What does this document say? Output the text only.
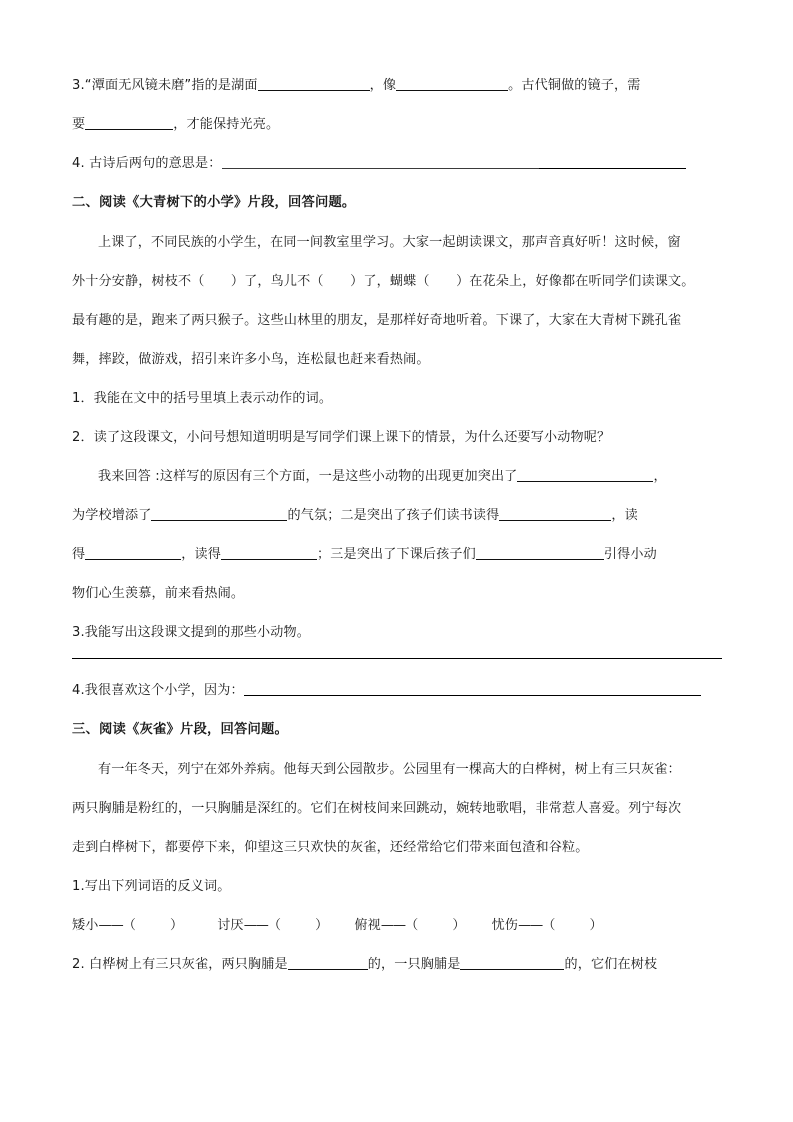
3.“潭面无风镜未磨”指的是湖面	，像	。古代铜做的镜子，需
要	，才能保持光亮。
4. 古诗后两句的意思是：
二、阅读《大青树下的小学》片段，回答问题。
上课了，不同民族的小学生，在同一间教室里学习。大家一起朗读课文，那声音真好听！这时候，窗
外十分安静，树枝不（　　）了，鸟儿不（　　）了，蝴蝶（　　）在花朵上，好像都在听同学们读课文。
最有趣的是，跑来了两只猴子。这些山林里的朋友，是那样好奇地听着。下课了，大家在大青树下跳孔雀
舞，摔跤，做游戏，招引来许多小鸟，连松鼠也赶来看热闹。
1．我能在文中的括号里填上表示动作的词。
2．读了这段课文，小问号想知道明明是写同学们课上课下的情景，为什么还要写小动物呢？
我来回答 :这样写的原因有三个方面，一是这些小动物的出现更加突出了	，
为学校增添了	的气氛；二是突出了孩子们读书读得	，读
得	，读得	；三是突出了下课后孩子们	引得小动
物们心生羡慕，前来看热闹。
3.我能写出这段课文提到的那些小动物。
4.我很喜欢这个小学，因为：
三、阅读《灰雀》片段，回答问题。
有一年冬天，列宁在郊外养病。他每天到公园散步。公园里有一棵高大的白桦树，树上有三只灰雀：
两只胸脯是粉红的，一只胸脯是深红的。它们在树枝间来回跳动，婉转地歌唱，非常惹人喜爱。列宁每次
走到白桦树下，都要停下来，仰望这三只欢快的灰雀，还经常给它们带来面包渣和谷粒。
1.写出下列词语的反义词。
矮小——（	）	讨厌——（	） 俯视——（	） 忧伤——（	）
2. 白桦树上有三只灰雀，两只胸脯是	的，一只胸脯是	的，它们在树枝
